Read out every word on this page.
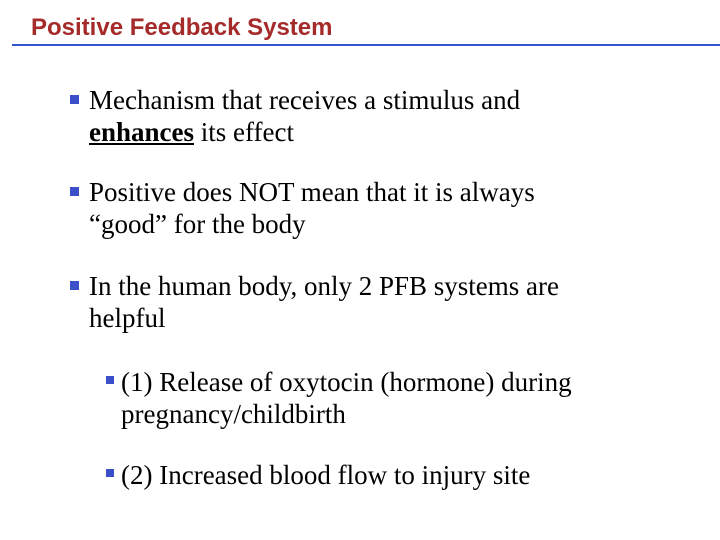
Positive Feedback System

Mechanism that receives a stimulus and
enhances its effect

Positive does NOT mean that it is always
“good” for the body

In the human body, only 2 PFB systems are
helpful

(1) Release of oxytocin (hormone) during
pregnancy/childbirth

(2) Increased blood flow to injury site
